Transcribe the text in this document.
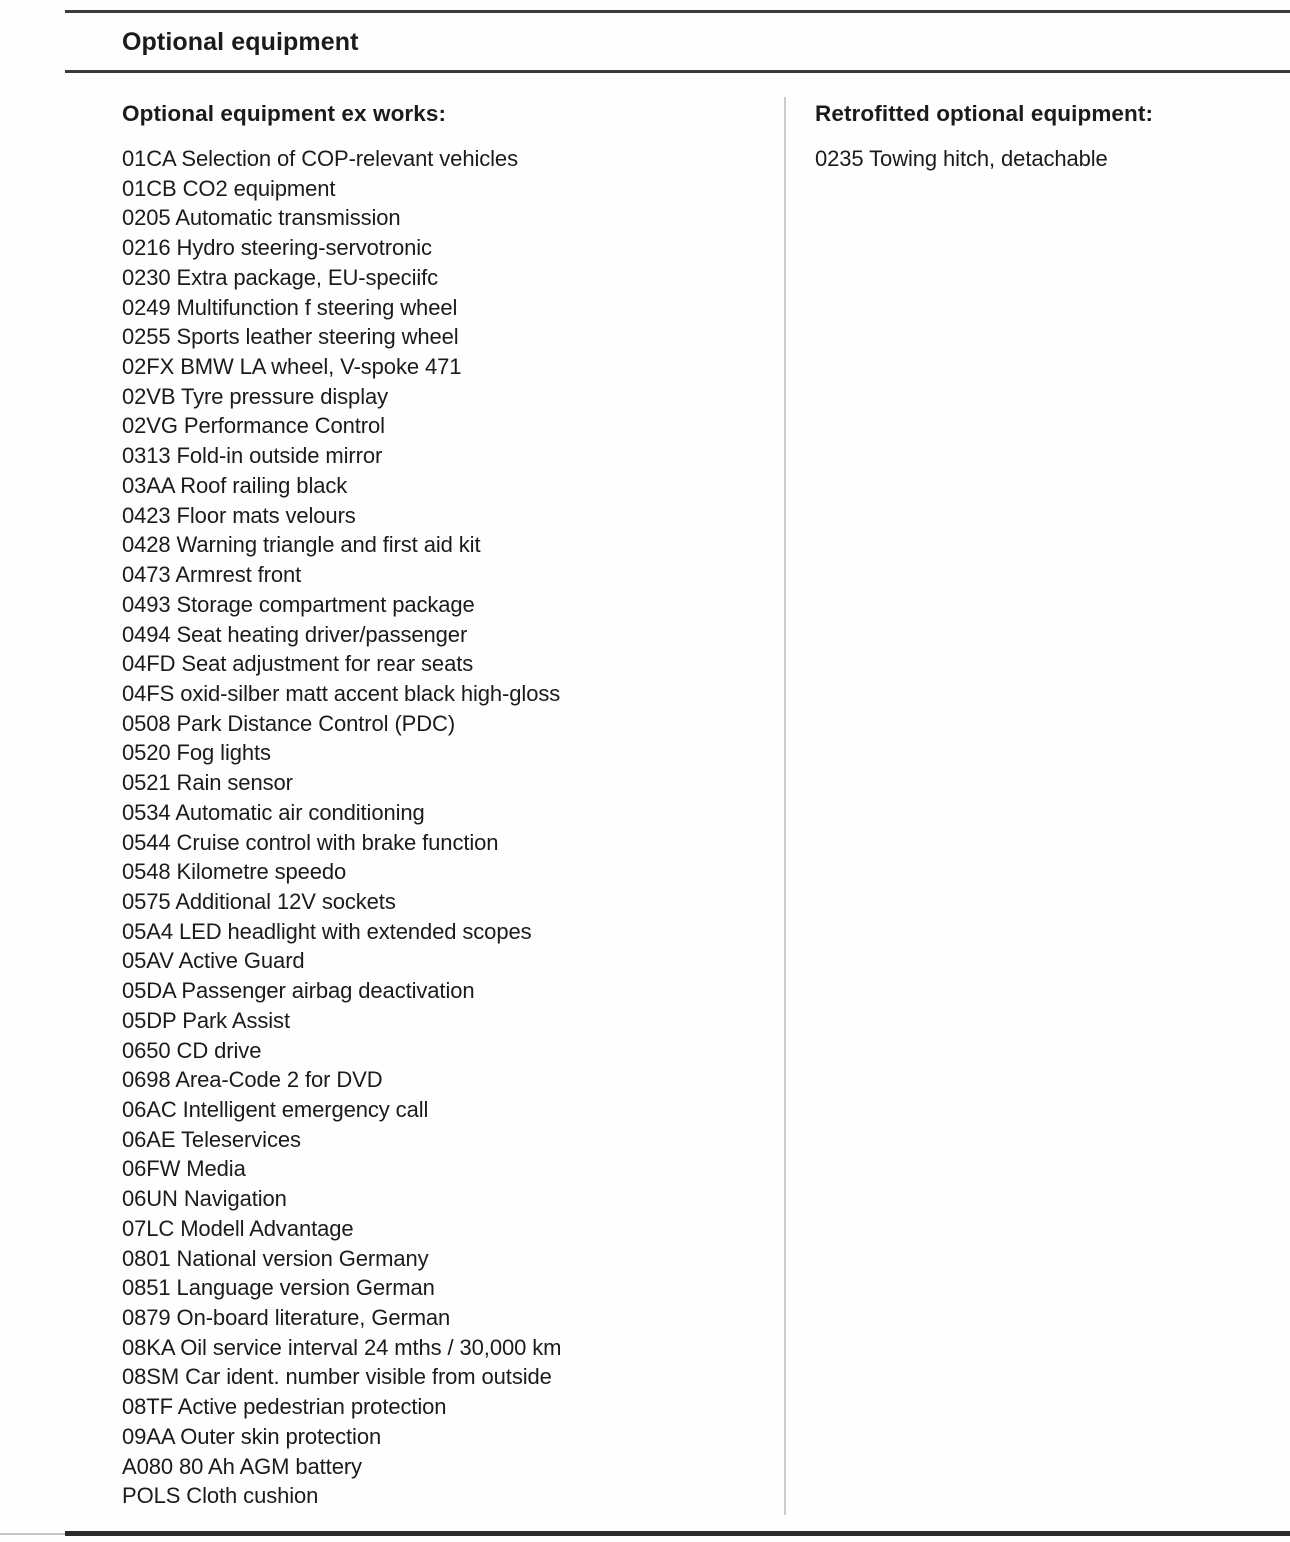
Optional equipment
Optional equipment ex works:
01CA Selection of COP-relevant vehicles
01CB CO2 equipment
0205 Automatic transmission
0216 Hydro steering-servotronic
0230 Extra package, EU-speciifc
0249 Multifunction f steering wheel
0255 Sports leather steering wheel
02FX BMW LA wheel, V-spoke 471
02VB Tyre pressure display
02VG Performance Control
0313 Fold-in outside mirror
03AA Roof railing black
0423 Floor mats velours
0428 Warning triangle and first aid kit
0473 Armrest front
0493 Storage compartment package
0494 Seat heating driver/passenger
04FD Seat adjustment for rear seats
04FS oxid-silber matt accent black high-gloss
0508 Park Distance Control (PDC)
0520 Fog lights
0521 Rain sensor
0534 Automatic air conditioning
0544 Cruise control with brake function
0548 Kilometre speedo
0575 Additional 12V sockets
05A4 LED headlight with extended scopes
05AV Active Guard
05DA Passenger airbag deactivation
05DP Park Assist
0650 CD drive
0698 Area-Code 2 for DVD
06AC Intelligent emergency call
06AE Teleservices
06FW Media
06UN Navigation
07LC Modell Advantage
0801 National version Germany
0851 Language version German
0879 On-board literature, German
08KA Oil service interval 24 mths / 30,000 km
08SM Car ident. number visible from outside
08TF Active pedestrian protection
09AA Outer skin protection
A080 80 Ah AGM battery
POLS Cloth cushion
Retrofitted optional equipment:
0235 Towing hitch, detachable
